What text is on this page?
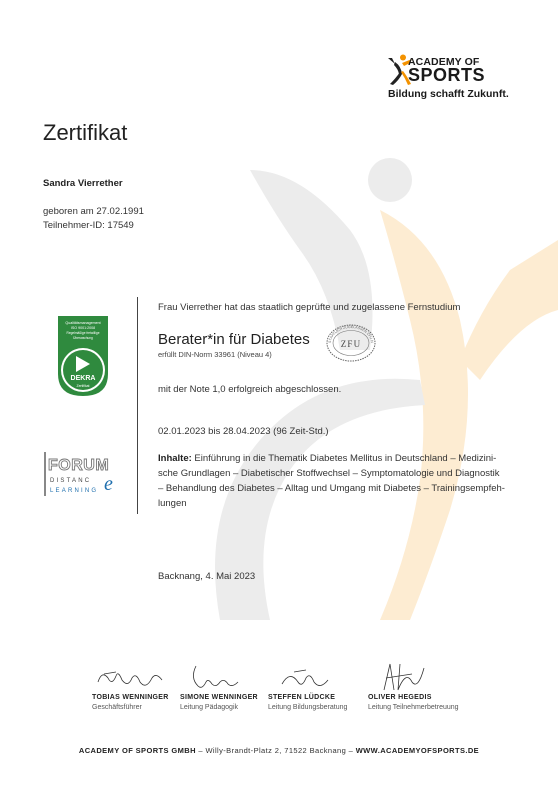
ACADEMY OF
SPORTS
Bildung schafft Zukunft.
Zertifikat
Sandra Vierrether
geboren am 27.02.1991
Teilnehmer-ID: 17549
Qualitätsmanagement
ISO 9001:2008
Regelmäßige freiwillige
Überwachung
DEKRA
Zertifikat
FORUM
DISTANC
LEARNING e
Frau Vierrether hat das staatlich geprüfte und zugelassene Fernstudium
Berater*in für Diabetes
erfüllt DIN-Norm 33961 (Niveau 4)
STAATLICH ZUGELASSEN ZFU N
ZFU
mit der Note 1,0 erfolgreich abgeschlossen.
02.01.2023 bis 28.04.2023 (96 Zeit-Std.)
Inhalte: Einführung in die Thematik Diabetes Mellitus in Deutschland – Medizini-
sche Grundlagen – Diabetischer Stoffwechsel – Symptomatologie und Diagnostik
– Behandlung des Diabetes – Alltag und Umgang mit Diabetes – Trainingsempfeh-
lungen
Backnang, 4. Mai 2023
TOBIAS WENNINGER
Geschäftsführer
SIMONE WENNINGER
Leitung Pädagogik
STEFFEN LÜDCKE
Leitung Bildungsberatung
OLIVER HEGEDIS
Leitung Teilnehmerbetreuung
ACADEMY OF SPORTS GMBH – Willy-Brandt-Platz 2, 71522 Backnang – WWW.ACADEMYOFSPORTS.DE
